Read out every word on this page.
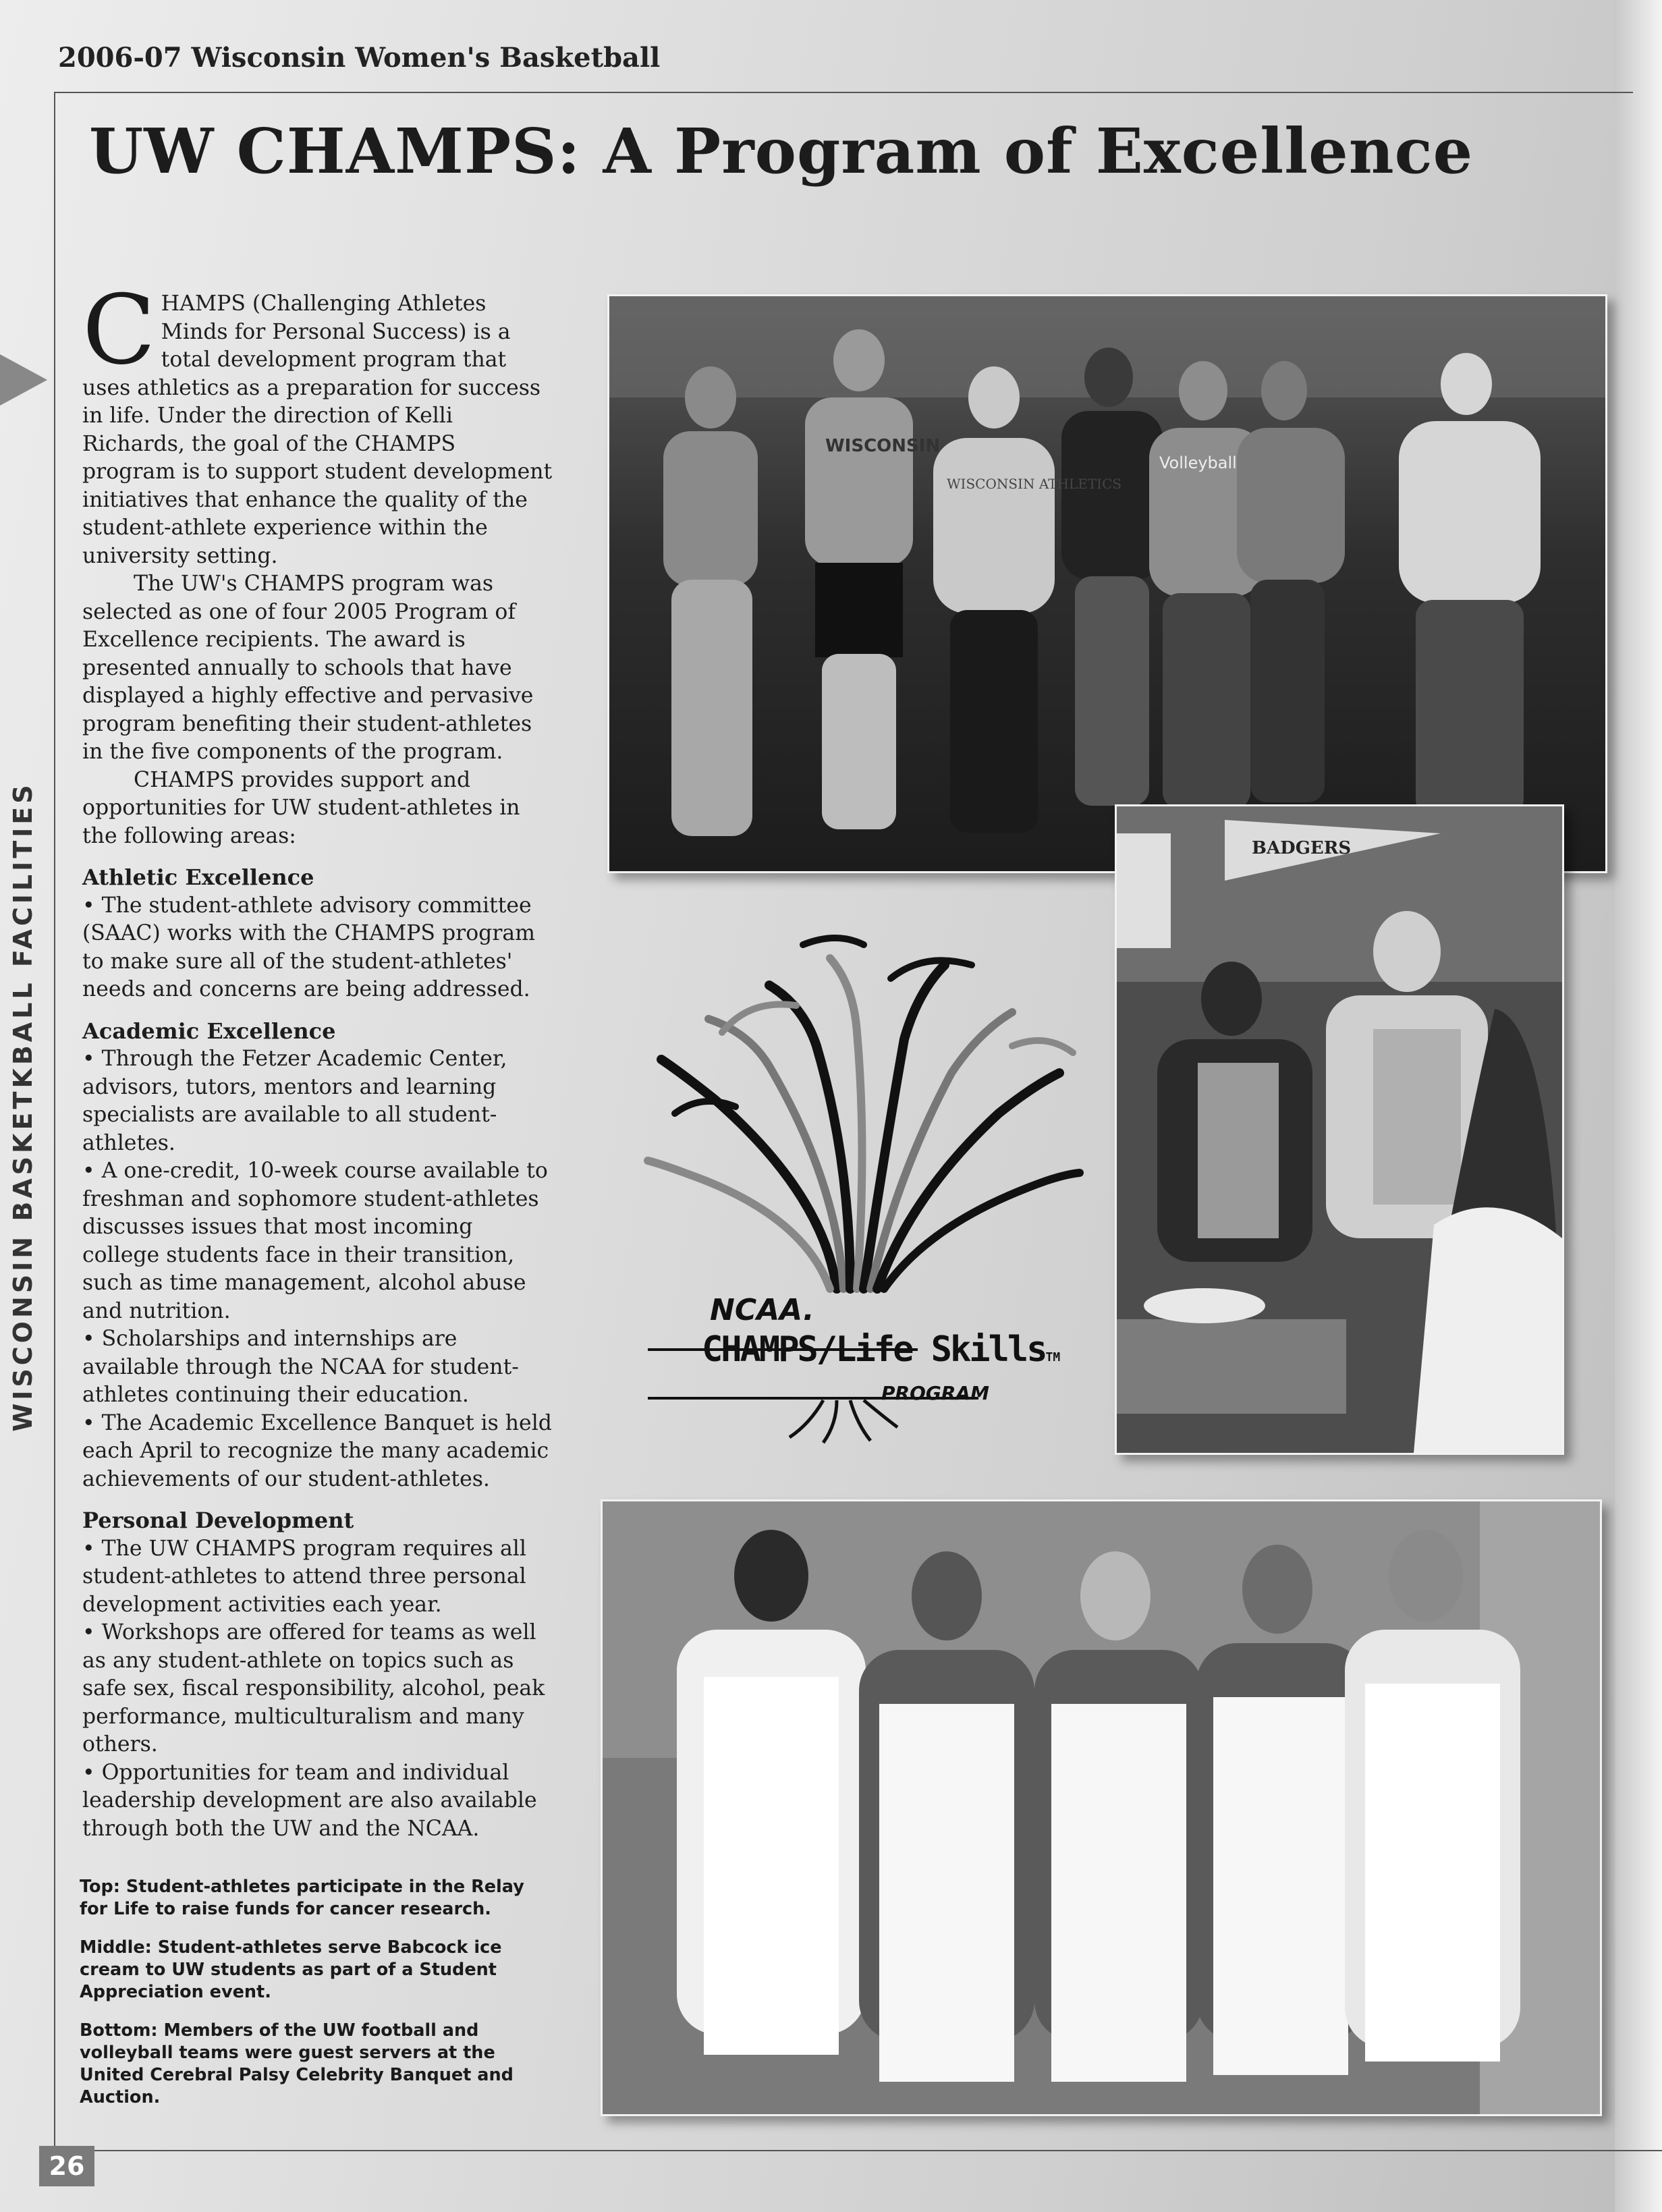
2006-07 Wisconsin Women's Basketball
26
WISCONSIN BASKETKBALL FACILITIES
UW CHAMPS: A Program of Excellence

CHAMPS (Challenging Athletes Minds for Personal Success) is a total development program that uses athletics as a preparation for success in life. Under the direction of Kelli Richards, the goal of the CHAMPS program is to support student development initiatives that enhance the quality of the student-athlete experience within the university setting.

The UW's CHAMPS program was selected as one of four 2005 Program of Excellence recipients. The award is presented annually to schools that have displayed a highly effective and pervasive program benefiting their student-athletes in the five components of the program.

CHAMPS provides support and opportunities for UW student-athletes in the following areas:

Athletic Excellence

• The student-athlete advisory committee (SAAC) works with the CHAMPS program to make sure all of the student-athletes' needs and concerns are being addressed.

Academic Excellence

• Through the Fetzer Academic Center, advisors, tutors, mentors and learning specialists are available to all student-athletes.

• A one-credit, 10-week course available to freshman and sophomore student-athletes discusses issues that most incoming college students face in their transition, such as time management, alcohol abuse and nutrition.

• Scholarships and internships are available through the NCAA for student-athletes continuing their education.

• The Academic Excellence Banquet is held each April to recognize the many academic achievements of our student-athletes.

Personal Development

• The UW CHAMPS program requires all student-athletes to attend three personal development activities each year.

• Workshops are offered for teams as well as any student-athlete on topics such as safe sex, fiscal responsibility, alcohol, peak performance, multiculturalism and many others.

• Opportunities for team and individual leadership development are also available through both the UW and the NCAA.

Top: Student-athletes participate in the Relay for Life to raise funds for cancer research.

Middle: Student-athletes serve Babcock ice cream to UW students as part of a Student Appreciation event.

Bottom: Members of the UW football and volleyball teams were guest servers at the United Cerebral Palsy Celebrity Banquet and Auction.

WISCONSIN
WISCONSIN ATHLETICS
Volleyball
BADGERS
NCAA.
CHAMPS/Life SkillsTM
PROGRAM
